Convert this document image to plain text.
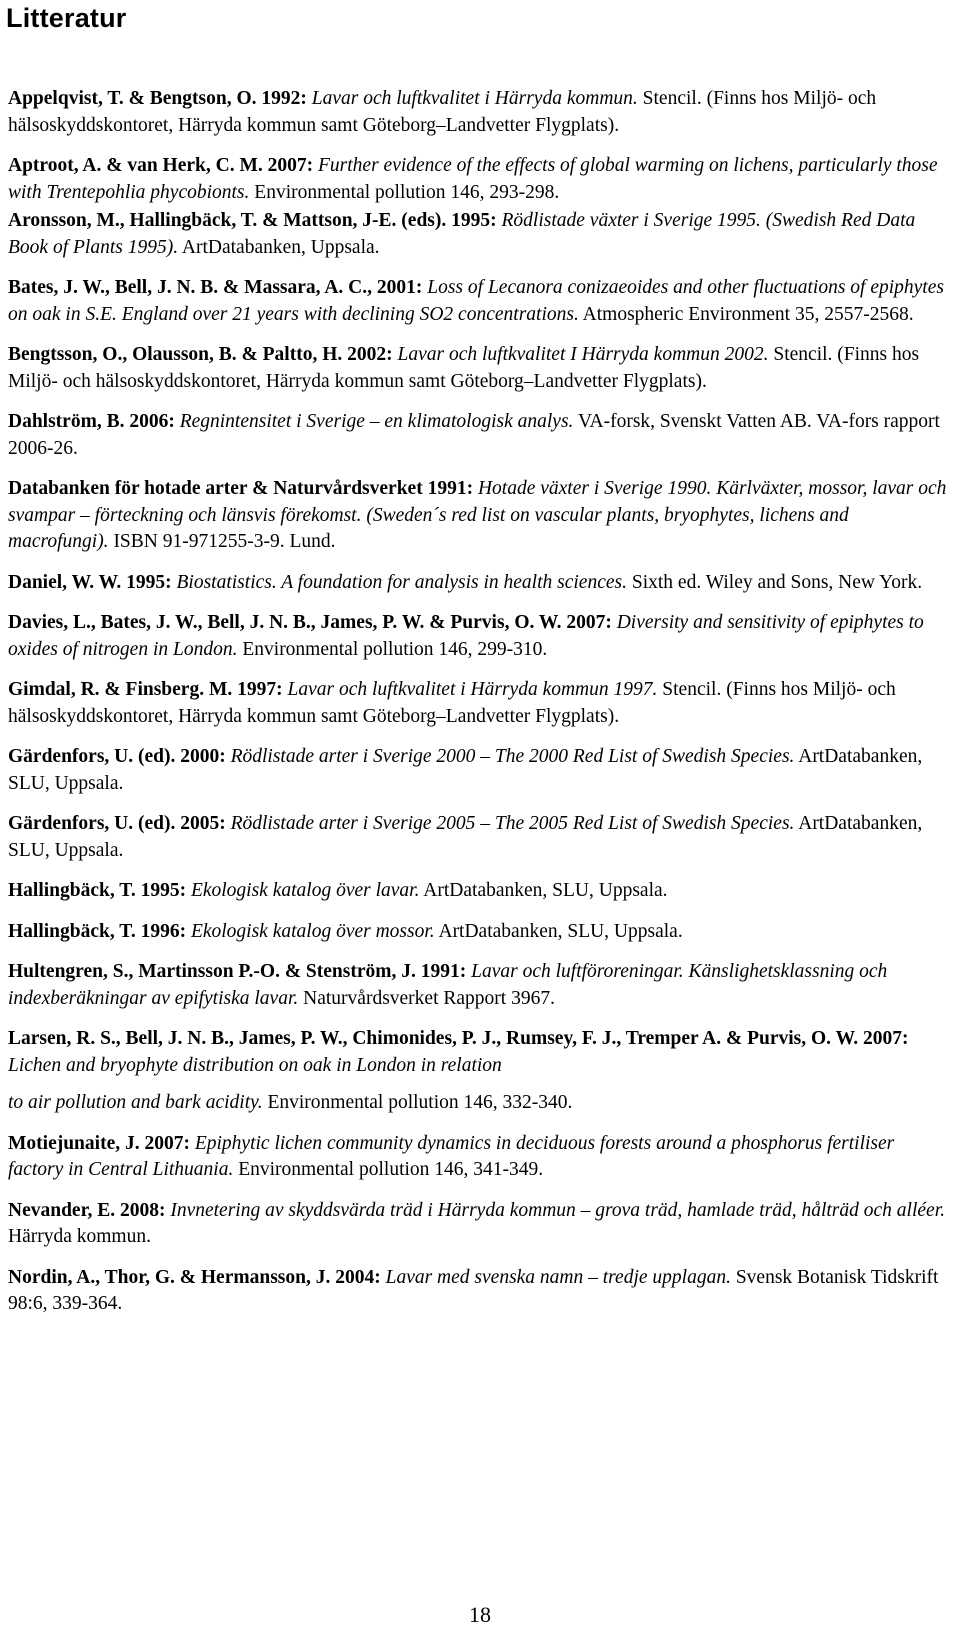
Litteratur

Appelqvist, T. & Bengtson, O. 1992: Lavar och luftkvalitet i Härryda kommun. Stencil. (Finns hos Miljö- och hälsoskyddskontoret, Härryda kommun samt Göteborg–Landvetter Flygplats).

Aptroot, A. & van Herk, C. M. 2007: Further evidence of the effects of global warming on lichens, particularly those with Trentepohlia phycobionts. Environmental pollution 146, 293-298.

Aronsson, M., Hallingbäck, T. & Mattson, J-E. (eds). 1995: Rödlistade växter i Sverige 1995. (Swedish Red Data Book of Plants 1995). ArtDatabanken, Uppsala.

Bates, J. W., Bell, J. N. B. & Massara, A. C., 2001: Loss of Lecanora conizaeoides and other fluctuations of epiphytes on oak in S.E. England over 21 years with declining SO2 concentrations. Atmospheric Environment 35, 2557-2568.

Bengtsson, O., Olausson, B. & Paltto, H. 2002: Lavar och luftkvalitet I Härryda kommun 2002. Stencil. (Finns hos Miljö- och hälsoskyddskontoret, Härryda kommun samt Göteborg–Landvetter Flygplats).

Dahlström, B. 2006: Regnintensitet i Sverige – en klimatologisk analys. VA-forsk, Svenskt Vatten AB. VA-fors rapport 2006-26.

Databanken för hotade arter & Naturvårdsverket 1991: Hotade växter i Sverige 1990. Kärlväxter, mossor, lavar och svampar – förteckning och länsvis förekomst. (Sweden´s red list on vascular plants, bryophytes, lichens and macrofungi). ISBN 91-971255-3-9. Lund.

Daniel, W. W. 1995: Biostatistics. A foundation for analysis in health sciences. Sixth ed. Wiley and Sons, New York.

Davies, L., Bates, J. W., Bell, J. N. B., James, P. W. & Purvis, O. W. 2007: Diversity and sensitivity of epiphytes to oxides of nitrogen in London. Environmental pollution 146, 299-310.

Gimdal, R. & Finsberg. M. 1997: Lavar och luftkvalitet i Härryda kommun 1997. Stencil. (Finns hos Miljö- och hälsoskyddskontoret, Härryda kommun samt Göteborg–Landvetter Flygplats).

Gärdenfors, U. (ed). 2000: Rödlistade arter i Sverige 2000 – The 2000 Red List of Swedish Species. ArtDatabanken, SLU, Uppsala.

Gärdenfors, U. (ed). 2005: Rödlistade arter i Sverige 2005 – The 2005 Red List of Swedish Species. ArtDatabanken, SLU, Uppsala.

Hallingbäck, T. 1995: Ekologisk katalog över lavar. ArtDatabanken, SLU, Uppsala.

Hallingbäck, T. 1996: Ekologisk katalog över mossor. ArtDatabanken, SLU, Uppsala.

Hultengren, S., Martinsson P.-O. & Stenström, J. 1991: Lavar och luftföroreningar. Känslighetsklassning och indexberäkningar av epifytiska lavar. Naturvårdsverket Rapport 3967.

Larsen, R. S., Bell, J. N. B., James, P. W., Chimonides, P. J., Rumsey, F. J., Tremper A. & Purvis, O. W. 2007: Lichen and bryophyte distribution on oak in London in relation
to air pollution and bark acidity. Environmental pollution 146, 332-340.

Motiejunaite, J. 2007: Epiphytic lichen community dynamics in deciduous forests around a phosphorus fertiliser factory in Central Lithuania. Environmental pollution 146, 341-349.

Nevander, E. 2008: Invnetering av skyddsvärda träd i Härryda kommun – grova träd, hamlade träd, hålträd och alléer. Härryda kommun.

Nordin, A., Thor, G. & Hermansson, J. 2004: Lavar med svenska namn – tredje upplagan. Svensk Botanisk Tidskrift 98:6, 339-364.

18
